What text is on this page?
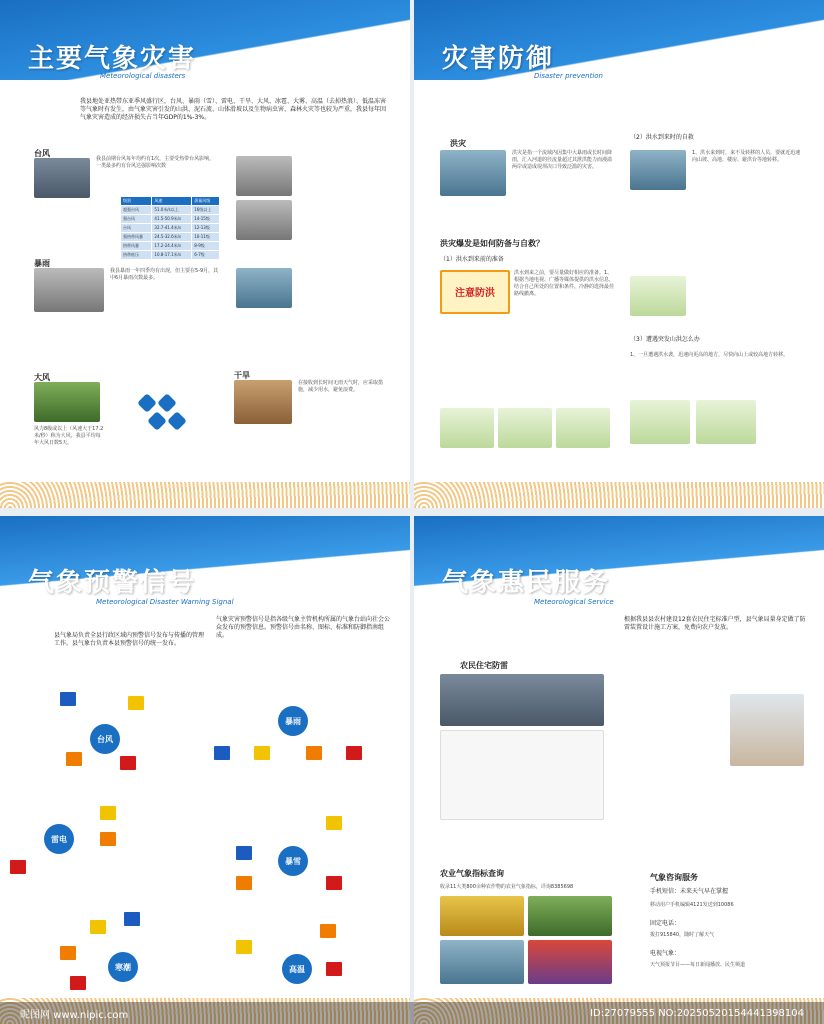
主要气象灾害
Meteorological disasters
我县地处亚热带东亚季风盛行区，台风、暴雨（雪）、雷电、干旱、大风、冰雹、大雾、高温（去掉热浪）、低温冻害等气象时有发生，由气象灾害引发的山洪、泥石流、山体滑坡以及生物病虫害、森林火灾等也较为严重，我县每年因气象灾害造成的经济损失占当年GDP的1%-3%。
台风
我县前期台风每年均约有1次，主要受热带台风影响，一类最多约有台风达强影响次数
级别	风速	蒲福风级
超强台风	51.0米/s以上	16级以上
强台风	41.5-50.9米/s	14-15级
台风	32.7-41.4米/s	12-13级
强热带风暴	24.5-32.6米/s	10-11级
热带风暴	17.2-24.4米/s	8-9级
热带低压	10.8-17.1米/s	6-7级
暴雨
我县暴雨一年四季均有出现，但主要在5-9月，其中6月暴雨次数最多。
大风
风力8级或以上（风速大于17.2米/秒）称为大风，我县平均每年大风日数5天。
干旱
在接收到长时间无雨天气时，应采取措施，减少用水，避免浪费。
灾害防御
Disaster prevention
洪灾
洪灾是指一个流域内因集中大暴雨或长时间降雨，汇入河道的径流量超过其泄洪能力而漫溢两岸或造成堤坝决口导致泛滥的灾害。
洪灾爆发是如何防备与自救？
（1）洪水到来前的准备
注意防洪
洪水到来之前，要尽量做好相应的准备。1、根据当地电视、广播等媒体提供的洪水信息，结合自己所处的位置和条件，冷静的选择最佳路线撤离。
（2）洪水到来时的自救
1、洪水来到时，来不及转移的人员，要就近迅速向山坡、高地、楼房、避洪台等地转移。
（3）遭遇突发山洪怎么办
1、一旦遭遇洪水袭，迅速向更高的地方，尽快向山上或较高地方转移。
气象预警信号
Meteorological Disaster Warning Signal
县气象局负责全县行政区域内预警信号发布与传播的管理工作。县气象台负责本县预警信号的统一发布。
气象灾害预警信号是指各级气象主管机构所属的气象台站向社会公众发布的预警信息。预警信号由名称、图标、标准和防御指南组成。
台风
暴雨
雷电
暴雪
寒潮	高温
气象惠民服务
Meteorological Service
根据我县县农村建设12套农民住宅标准户型，县气象局量身定做了防雷装置设计施工方案，免费向农户发放。
农民住宅防雷
农业气象指标查询
收录11大类800余种农作物的农业气象指标，详询8385698
气象咨询服务
手机短信：未来天气早在掌握
移动用户手机编辑4121发送到10086
固定电话：
拨打915840，随时了解天气
电视气象：
天气预报节目——每日新闻播放、民生频道
昵图网 www.nipic.com	ID:27079555 NO:20250520154441398104
